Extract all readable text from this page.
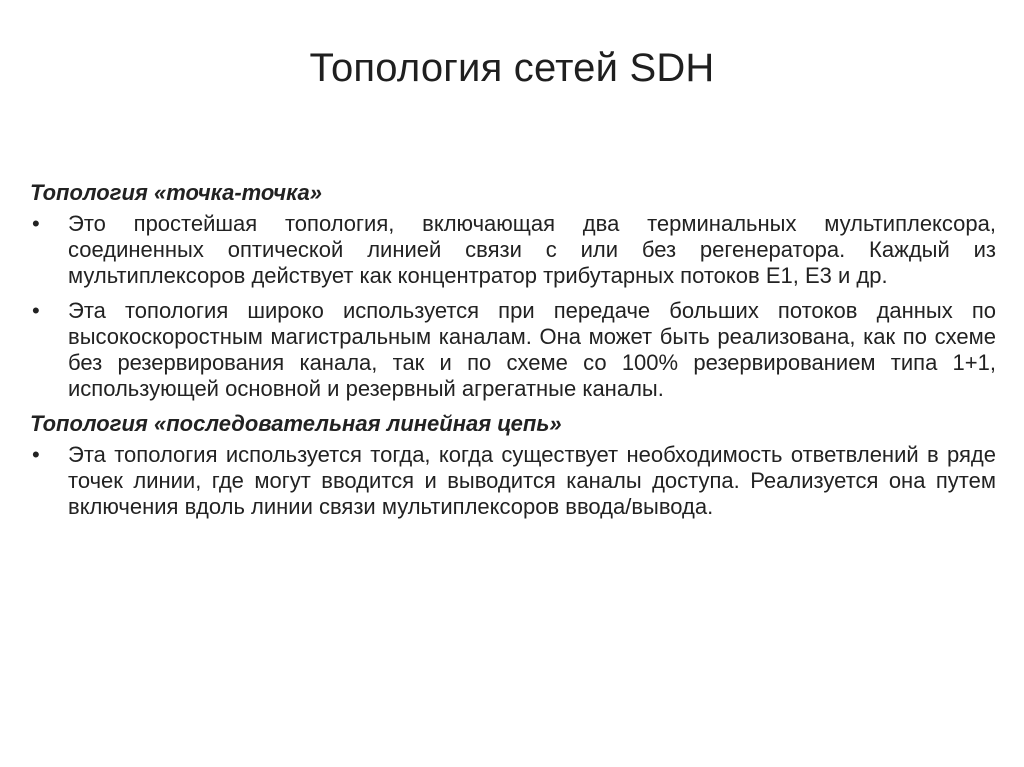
Топология сетей SDH
Топология «точка-точка»
• Это простейшая топология, включающая два терминальных мультиплексора, соединенных оптической линией связи с или без регенератора. Каждый из мультиплексоров действует как концентратор трибутарных потоков Е1, Е3 и др.
• Эта топология широко используется при передаче больших потоков данных по высокоскоростным магистральным каналам. Она может быть реализована, как по схеме без резервирования канала, так и по схеме со 100% резервированием типа 1+1, использующей основной и резервный агрегатные каналы.
Топология «последовательная линейная цепь»
• Эта топология используется тогда, когда существует необходимость ответвлений в ряде точек линии, где могут вводится и выводится каналы доступа. Реализуется она путем включения вдоль линии связи мультиплексоров ввода/вывода.
